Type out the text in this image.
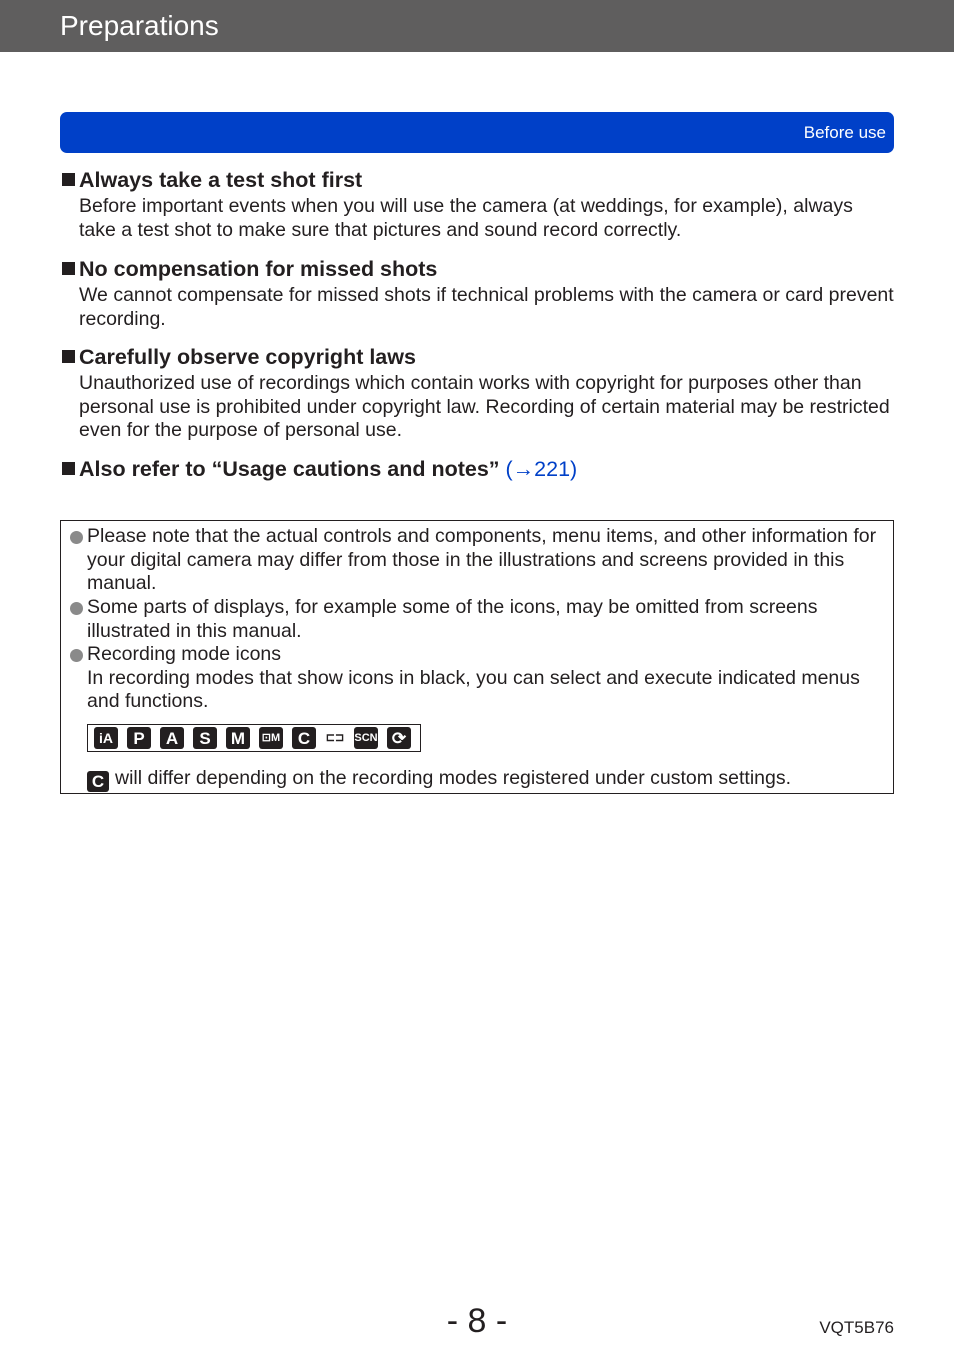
Preparations
Before use

Always take a test shot first

Before important events when you will use the camera (at weddings, for example), always take a test shot to make sure that pictures and sound record correctly.

No compensation for missed shots

We cannot compensate for missed shots if technical problems with the camera or card prevent recording.

Carefully observe copyright laws

Unauthorized use of recordings which contain works with copyright for purposes other than personal use is prohibited under copyright law. Recording of certain material may be restricted even for the purpose of personal use.

Also refer to “Usage cautions and notes” (→221)

Please note that the actual controls and components, menu items, and other information for your digital camera may differ from those in the illustrations and screens provided in this manual.
Some parts of displays, for example some of the icons, may be omitted from screens illustrated in this manual.
Recording mode icons
In recording modes that show icons in black, you can select and execute indicated menus and functions.
iA	P	A	S	M	⊡M	C	⊏⊐ SCN ⟳
C will differ depending on the recording modes registered under custom settings.
- 8 -	VQT5B76
